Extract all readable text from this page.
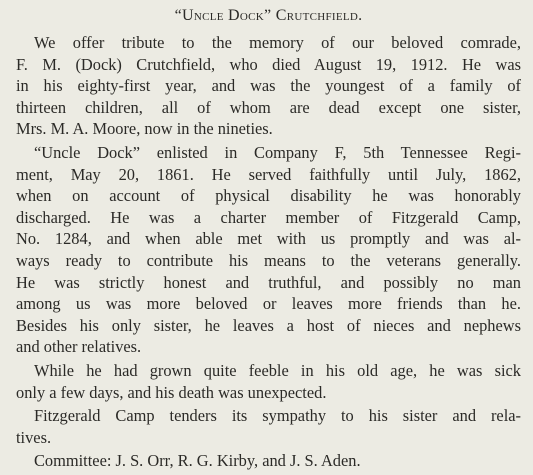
“Uncle Dock” Crutchfield.
We offer tribute to the memory of our beloved comrade,
F. M. (Dock) Crutchfield, who died August 19, 1912. He was
in his eighty-first year, and was the youngest of a family of
thirteen children, all of whom are dead except one sister,
Mrs. M. A. Moore, now in the nineties.
“Uncle Dock” enlisted in Company F, 5th Tennessee Regi-
ment, May 20, 1861. He served faithfully until July, 1862,
when on account of physical disability he was honorably
discharged. He was a charter member of Fitzgerald Camp,
No. 1284, and when able met with us promptly and was al-
ways ready to contribute his means to the veterans generally.
He was strictly honest and truthful, and possibly no man
among us was more beloved or leaves more friends than he.
Besides his only sister, he leaves a host of nieces and nephews
and other relatives.
While he had grown quite feeble in his old age, he was sick
only a few days, and his death was unexpected.
Fitzgerald Camp tenders its sympathy to his sister and rela-
tives.
Committee: J. S. Orr, R. G. Kirby, and J. S. Aden.
